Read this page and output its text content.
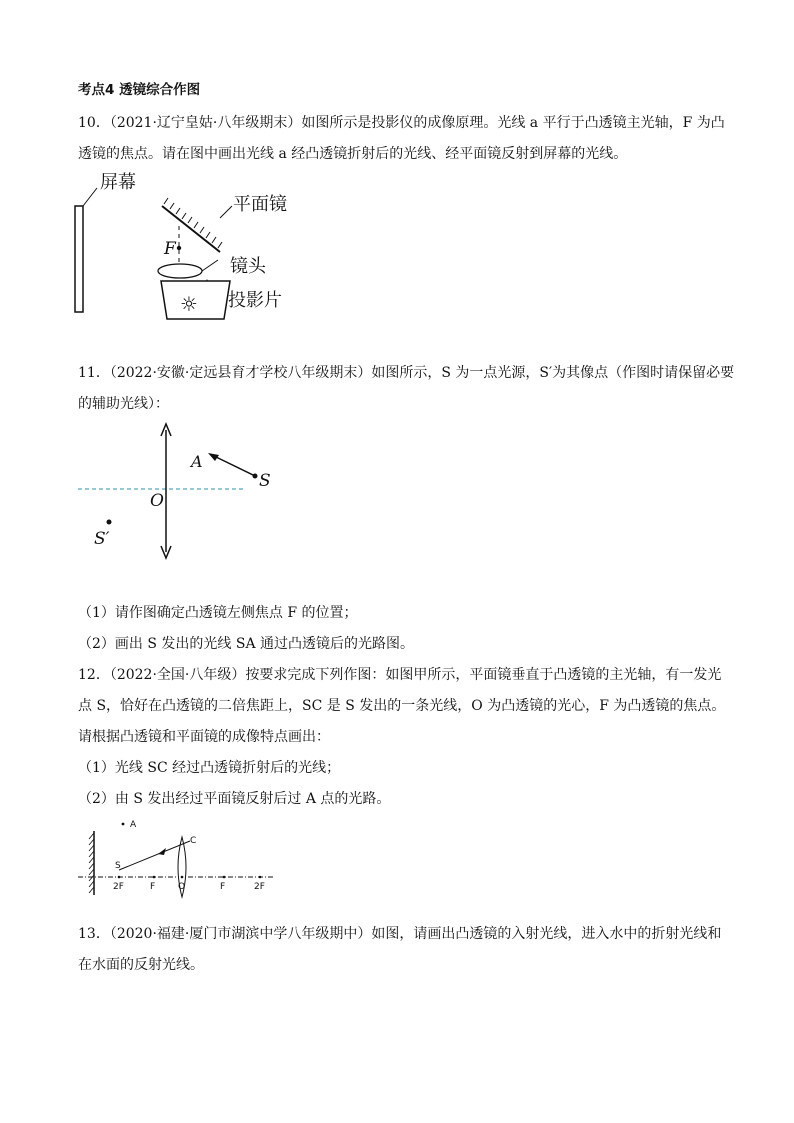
考点4 透镜综合作图
10．（2021·辽宁皇姑·八年级期末）如图所示是投影仪的成像原理。光线 a 平行于凸透镜主光轴，F 为凸
透镜的焦点。请在图中画出光线 a 经凸透镜折射后的光线、经平面镜反射到屏幕的光线。
屏幕
平面镜
F
镜头
投影片
☼
11．（2022·安徽·定远县育才学校八年级期末）如图所示，S 为一点光源，S′为其像点（作图时请保留必要
的辅助光线）：
A
S
O
S′
（1）请作图确定凸透镜左侧焦点 F 的位置；
（2）画出 S 发出的光线 SA 通过凸透镜后的光路图。
12．（2022·全国·八年级）按要求完成下列作图：如图甲所示，平面镜垂直于凸透镜的主光轴，有一发光
点 S，恰好在凸透镜的二倍焦距上，SC 是 S 发出的一条光线，O 为凸透镜的光心，F 为凸透镜的焦点。
请根据凸透镜和平面镜的成像特点画出：
（1）光线 SC 经过凸透镜折射后的光线；
（2）由 S 发出经过平面镜反射后过 A 点的光路。
A
C
S
2F	F	O	F	2F
13．（2020·福建·厦门市湖滨中学八年级期中）如图，请画出凸透镜的入射光线，进入水中的折射光线和
在水面的反射光线。
